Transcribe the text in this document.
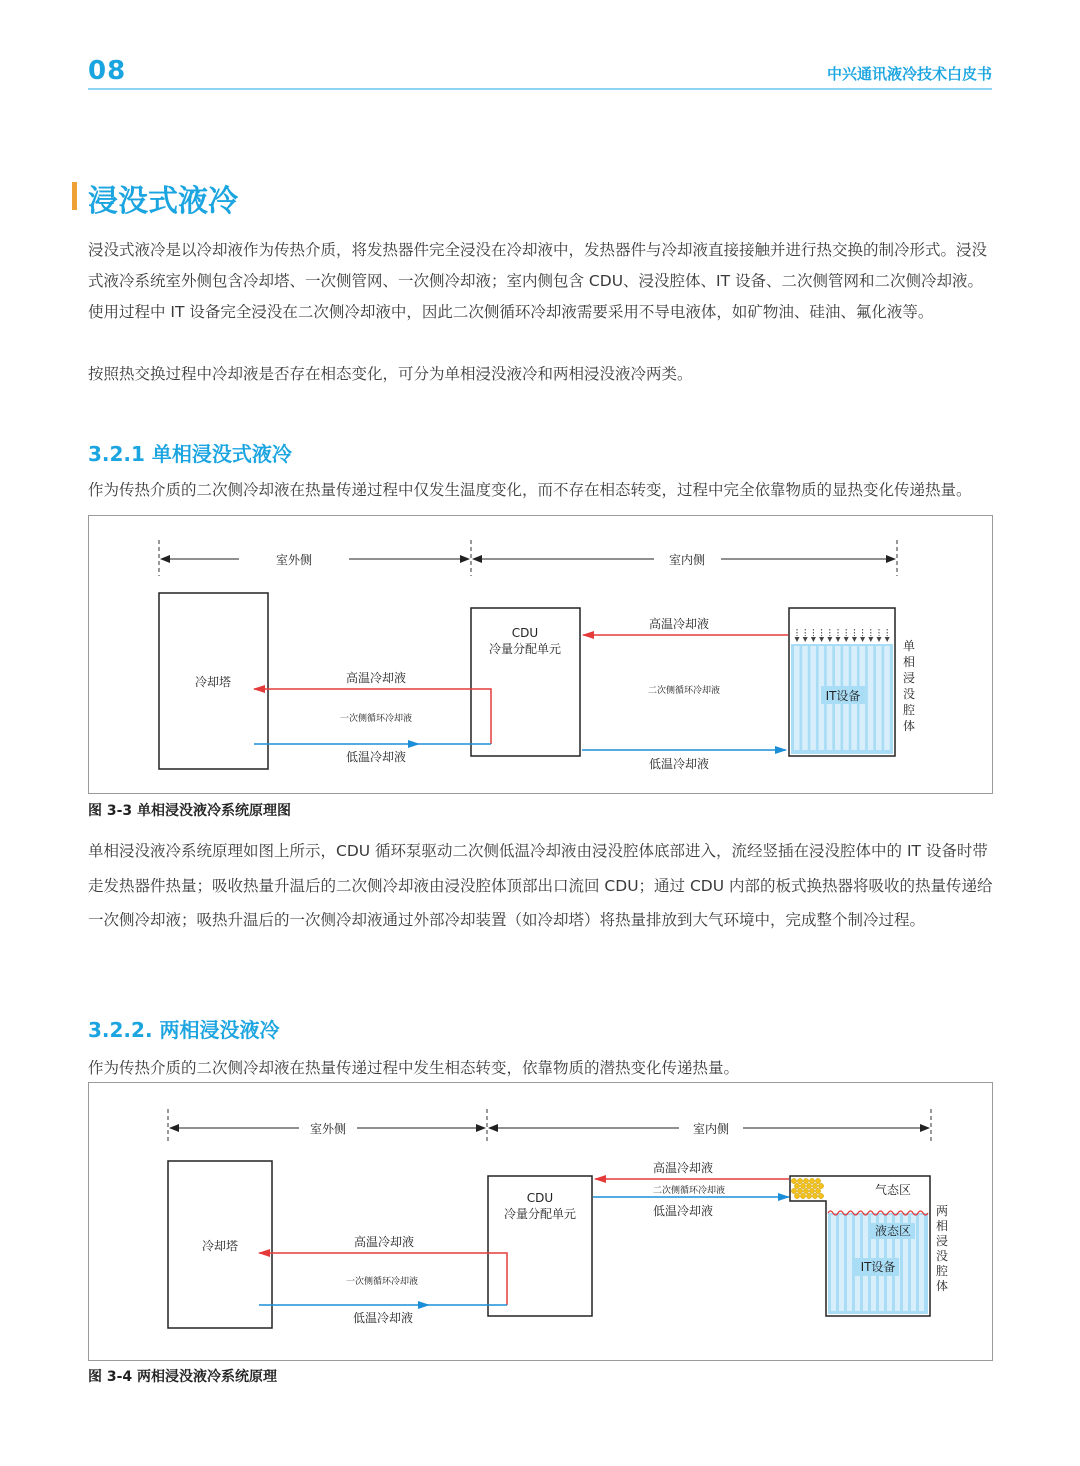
08	中兴通讯液冷技术白皮书
浸没式液冷

浸没式液冷是以冷却液作为传热介质，将发热器件完全浸没在冷却液中，发热器件与冷却液直接接触并进行热交换的制冷形式。浸没式液冷系统室外侧包含冷却塔、一次侧管网、一次侧冷却液；室内侧包含 CDU、浸没腔体、IT 设备、二次侧管网和二次侧冷却液。使用过程中 IT 设备完全浸没在二次侧冷却液中，因此二次侧循环冷却液需要采用不导电液体，如矿物油、硅油、氟化液等。

按照热交换过程中冷却液是否存在相态变化，可分为单相浸没液冷和两相浸没液冷两类。

3.2.1 单相浸没式液冷
作为传热介质的二次侧冷却液在热量传递过程中仅发生温度变化，而不存在相态转变，过程中完全依靠物质的显热变化传递热量。
室外侧	室内侧
冷却塔
CDU
冷量分配单元
高温冷却液
一次侧循环冷却液
低温冷却液
高温冷却液
二次侧循环冷却液
低温冷却液
IT设备
单
相
浸
没
腔
体
图 3-3 单相浸没液冷系统原理图

单相浸没液冷系统原理如图上所示，CDU 循环泵驱动二次侧低温冷却液由浸没腔体底部进入，流经竖插在浸没腔体中的 IT 设备时带走发热器件热量；吸收热量升温后的二次侧冷却液由浸没腔体顶部出口流回 CDU；通过 CDU 内部的板式换热器将吸收的热量传递给一次侧冷却液；吸热升温后的一次侧冷却液通过外部冷却装置（如冷却塔）将热量排放到大气环境中，完成整个制冷过程。

3.2.2. 两相浸没液冷
作为传热介质的二次侧冷却液在热量传递过程中发生相态转变，依靠物质的潜热变化传递热量。
室外侧	室内侧
冷却塔
CDU
冷量分配单元
高温冷却液
一次侧循环冷却液
低温冷却液
高温冷却液
二次侧循环冷却液
低温冷却液
气态区
液态区
IT设备
两
相
浸
没
腔
体
图 3-4 两相浸没液冷系统原理
